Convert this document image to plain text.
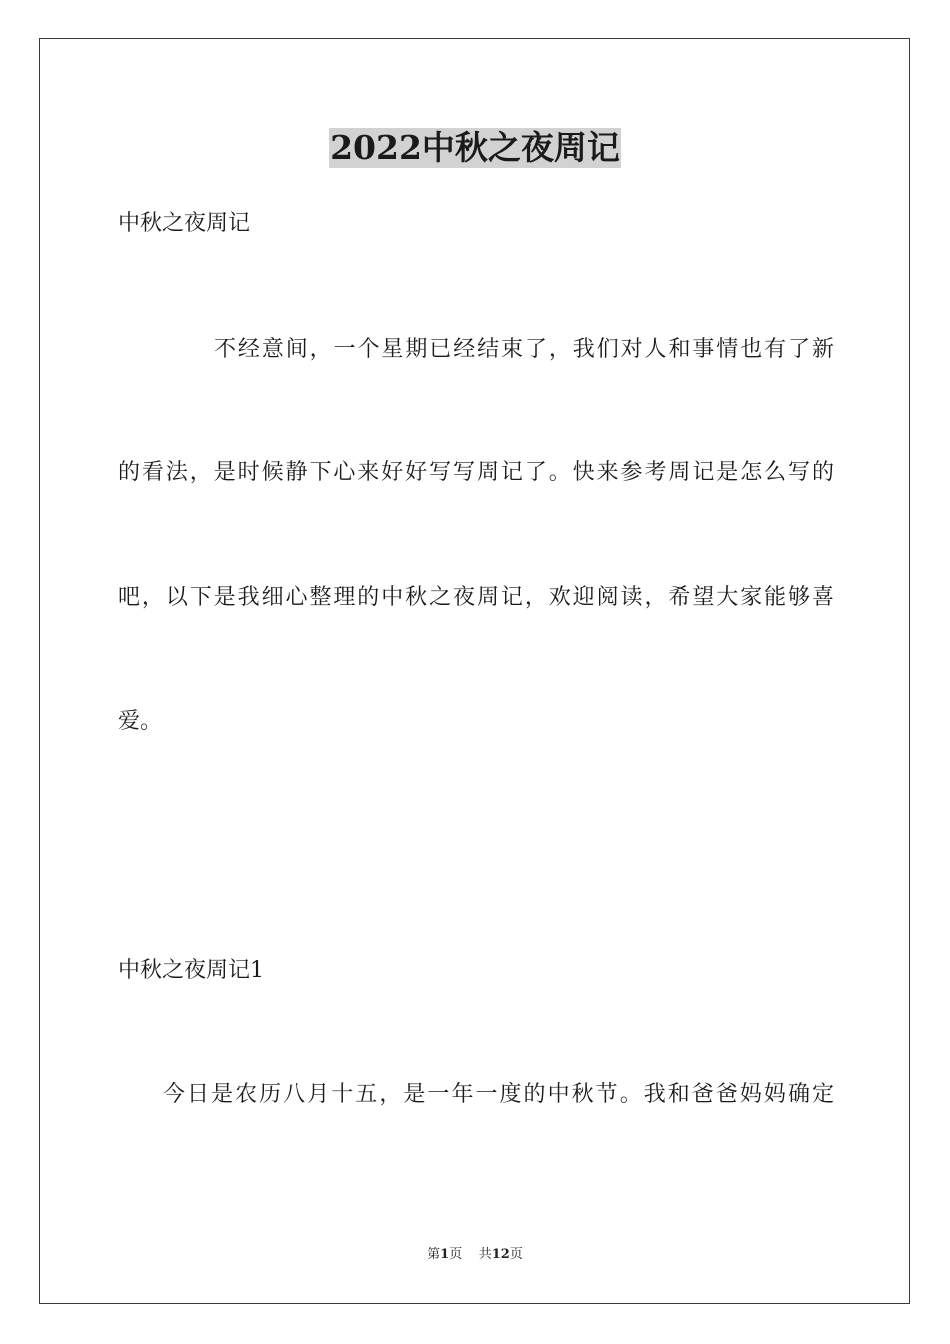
2022中秋之夜周记
中秋之夜周记
不经意间，一个星期已经结束了，我们对人和事情也有了新
的看法，是时候静下心来好好写写周记了。快来参考周记是怎么写的
吧，以下是我细心整理的中秋之夜周记，欢迎阅读，希望大家能够喜
爱。
中秋之夜周记1
今日是农历八月十五，是一年一度的中秋节。我和爸爸妈妈确定
第1页 共12页
